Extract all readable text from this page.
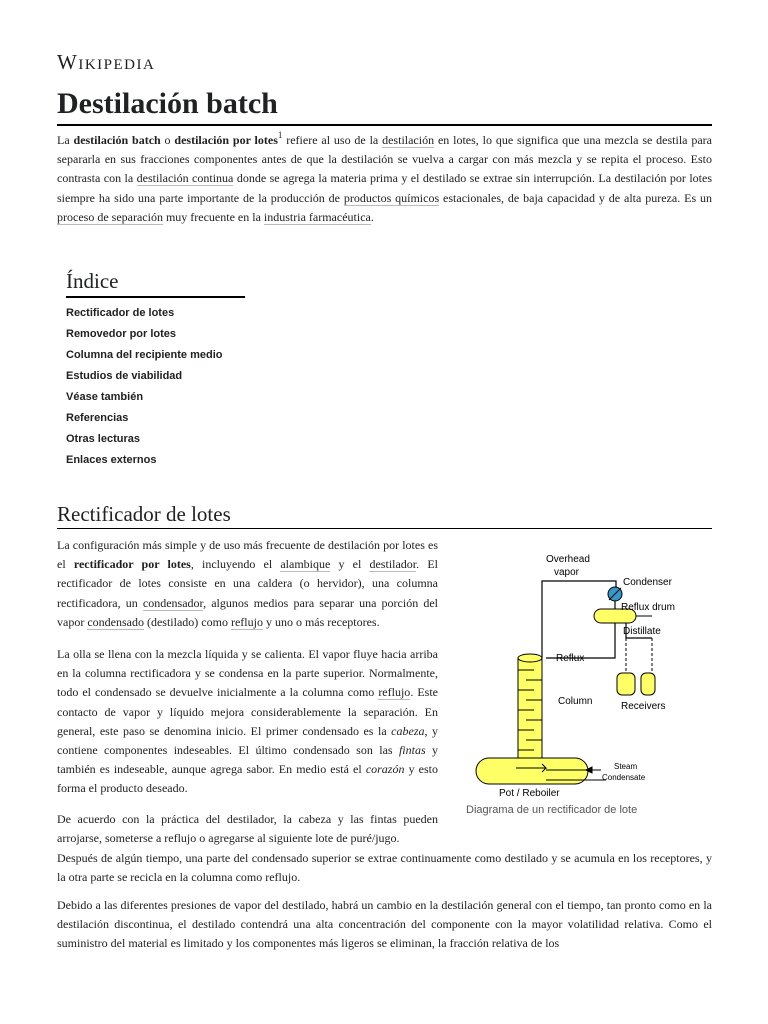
Wikipedia
Destilación batch

La destilación batch o destilación por lotes$^1$ refiere al uso de la destilación en lotes, lo que significa que una mezcla se destila para separarla en sus fracciones componentes antes de que la destilación se vuelva a cargar con más mezcla y se repita el proceso. Esto contrasta con la destilación continua donde se agrega la materia prima y el destilado se extrae sin interrupción. La destilación por lotes siempre ha sido una parte importante de la producción de productos químicos estacionales, de baja capacidad y de alta pureza. Es un proceso de separación muy frecuente en la industria farmacéutica.

Índice
Rectificador de lotes
Removedor por lotes
Columna del recipiente medio
Estudios de viabilidad
Véase también
Referencias
Otras lecturas
Enlaces externos
Rectificador de lotes

La configuración más simple y de uso más frecuente de destilación por lotes es el rectificador por lotes, incluyendo el alambique y el destilador. El rectificador de lotes consiste en una caldera (o hervidor), una columna rectificadora, un condensador, algunos medios para separar una porción del vapor condensado (destilado) como reflujo y uno o más receptores.

La olla se llena con la mezcla líquida y se calienta. El vapor fluye hacia arriba en la columna rectificadora y se condensa en la parte superior. Normalmente, todo el condensado se devuelve inicialmente a la columna como reflujo. Este contacto de vapor y líquido mejora considerablemente la separación. En general, este paso se denomina inicio. El primer condensado es la cabeza, y contiene componentes indeseables. El último condensado son las fintas y también es indeseable, aunque agrega sabor. En medio está el corazón y esto forma el producto deseado.

De acuerdo con la práctica del destilador, la cabeza y las fintas pueden arrojarse, someterse a reflujo o agregarse al siguiente lote de puré/jugo.

Después de algún tiempo, una parte del condensado superior se extrae continuamente como destilado y se acumula en los receptores, y la otra parte se recicla en la columna como reflujo.

Debido a las diferentes presiones de vapor del destilado, habrá un cambio en la destilación general con el tiempo, tan pronto como en la destilación discontinua, el destilado contendrá una alta concentración del componente con la mayor volatilidad relativa. Como el suministro del material es limitado y los componentes más ligeros se eliminan, la fracción relativa de los

Overhead
vapor
Condenser
Reflux drum
Reflux
Distillate
Receivers
Column
Steam
Condensate
Pot / Reboiler
Diagrama de un rectificador de lote
